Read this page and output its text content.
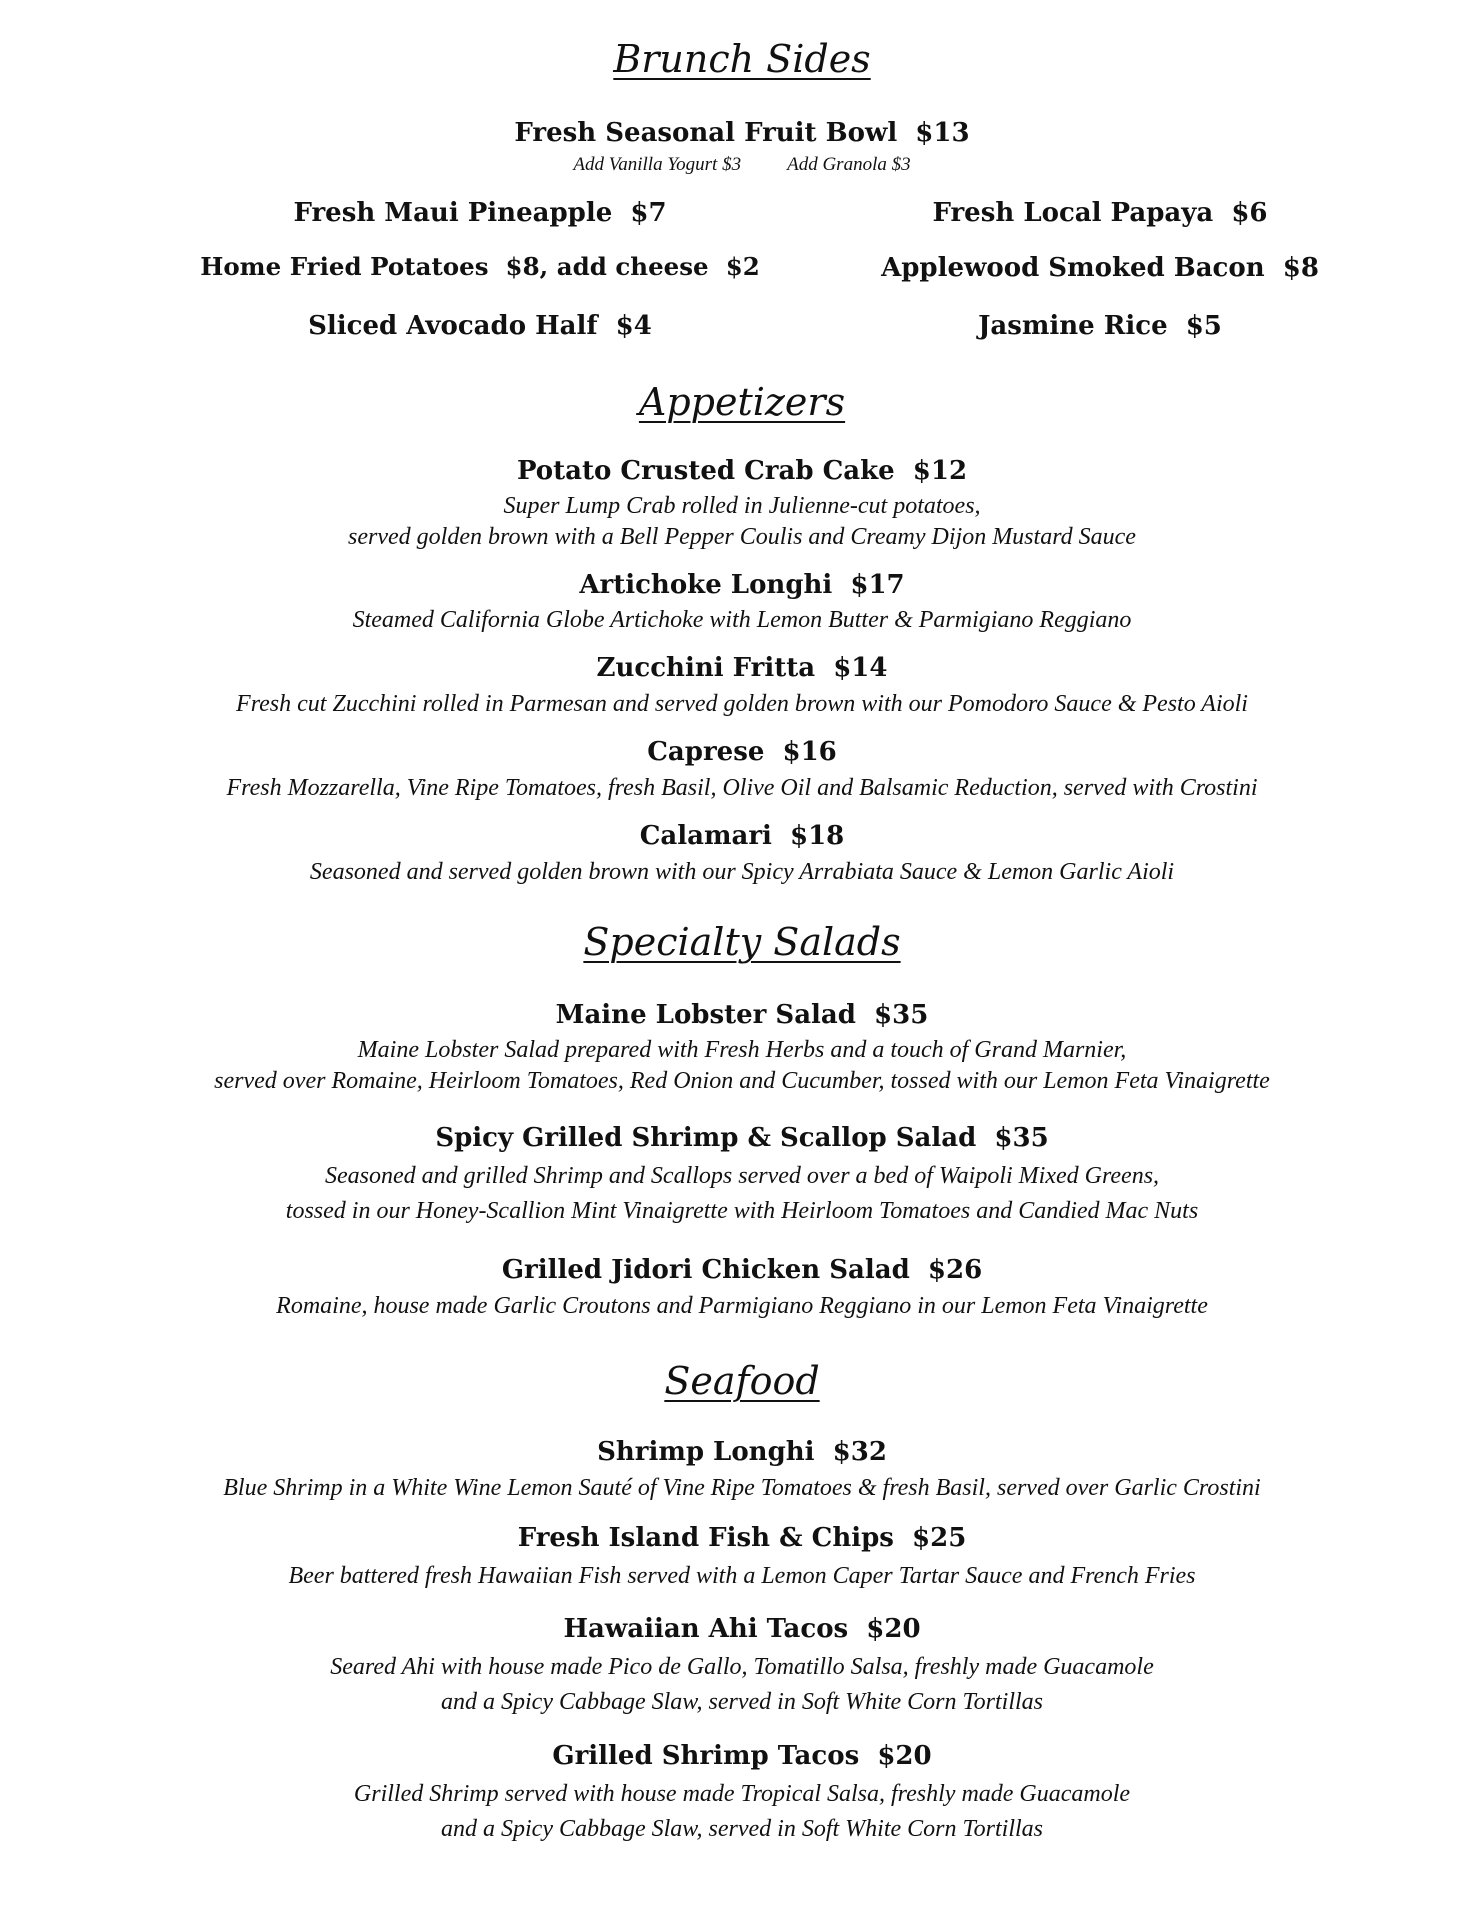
Brunch Sides
Fresh Seasonal Fruit Bowl  $13
Add Vanilla Yogurt $3 Add Granola $3
Fresh Maui Pineapple  $7	Fresh Local Papaya  $6
Home Fried Potatoes  $8, add cheese  $2	Applewood Smoked Bacon  $8
Sliced Avocado Half  $4	Jasmine Rice  $5
Appetizers
Potato Crusted Crab Cake  $12
Super Lump Crab rolled in Julienne-cut potatoes,
served golden brown with a Bell Pepper Coulis and Creamy Dijon Mustard Sauce
Artichoke Longhi  $17
Steamed California Globe Artichoke with Lemon Butter & Parmigiano Reggiano
Zucchini Fritta  $14
Fresh cut Zucchini rolled in Parmesan and served golden brown with our Pomodoro Sauce & Pesto Aioli
Caprese  $16
Fresh Mozzarella, Vine Ripe Tomatoes, fresh Basil, Olive Oil and Balsamic Reduction, served with Crostini
Calamari  $18
Seasoned and served golden brown with our Spicy Arrabiata Sauce & Lemon Garlic Aioli
Specialty Salads
Maine Lobster Salad  $35
Maine Lobster Salad prepared with Fresh Herbs and a touch of Grand Marnier,
served over Romaine, Heirloom Tomatoes, Red Onion and Cucumber, tossed with our Lemon Feta Vinaigrette
Spicy Grilled Shrimp & Scallop Salad  $35
Seasoned and grilled Shrimp and Scallops served over a bed of Waipoli Mixed Greens,
tossed in our Honey-Scallion Mint Vinaigrette with Heirloom Tomatoes and Candied Mac Nuts
Grilled Jidori Chicken Salad  $26
Romaine, house made Garlic Croutons and Parmigiano Reggiano in our Lemon Feta Vinaigrette
Seafood
Shrimp Longhi  $32
Blue Shrimp in a White Wine Lemon Sauté of Vine Ripe Tomatoes & fresh Basil, served over Garlic Crostini
Fresh Island Fish & Chips  $25
Beer battered fresh Hawaiian Fish served with a Lemon Caper Tartar Sauce and French Fries
Hawaiian Ahi Tacos  $20
Seared Ahi with house made Pico de Gallo, Tomatillo Salsa, freshly made Guacamole
and a Spicy Cabbage Slaw, served in Soft White Corn Tortillas
Grilled Shrimp Tacos  $20
Grilled Shrimp served with house made Tropical Salsa, freshly made Guacamole
and a Spicy Cabbage Slaw, served in Soft White Corn Tortillas
